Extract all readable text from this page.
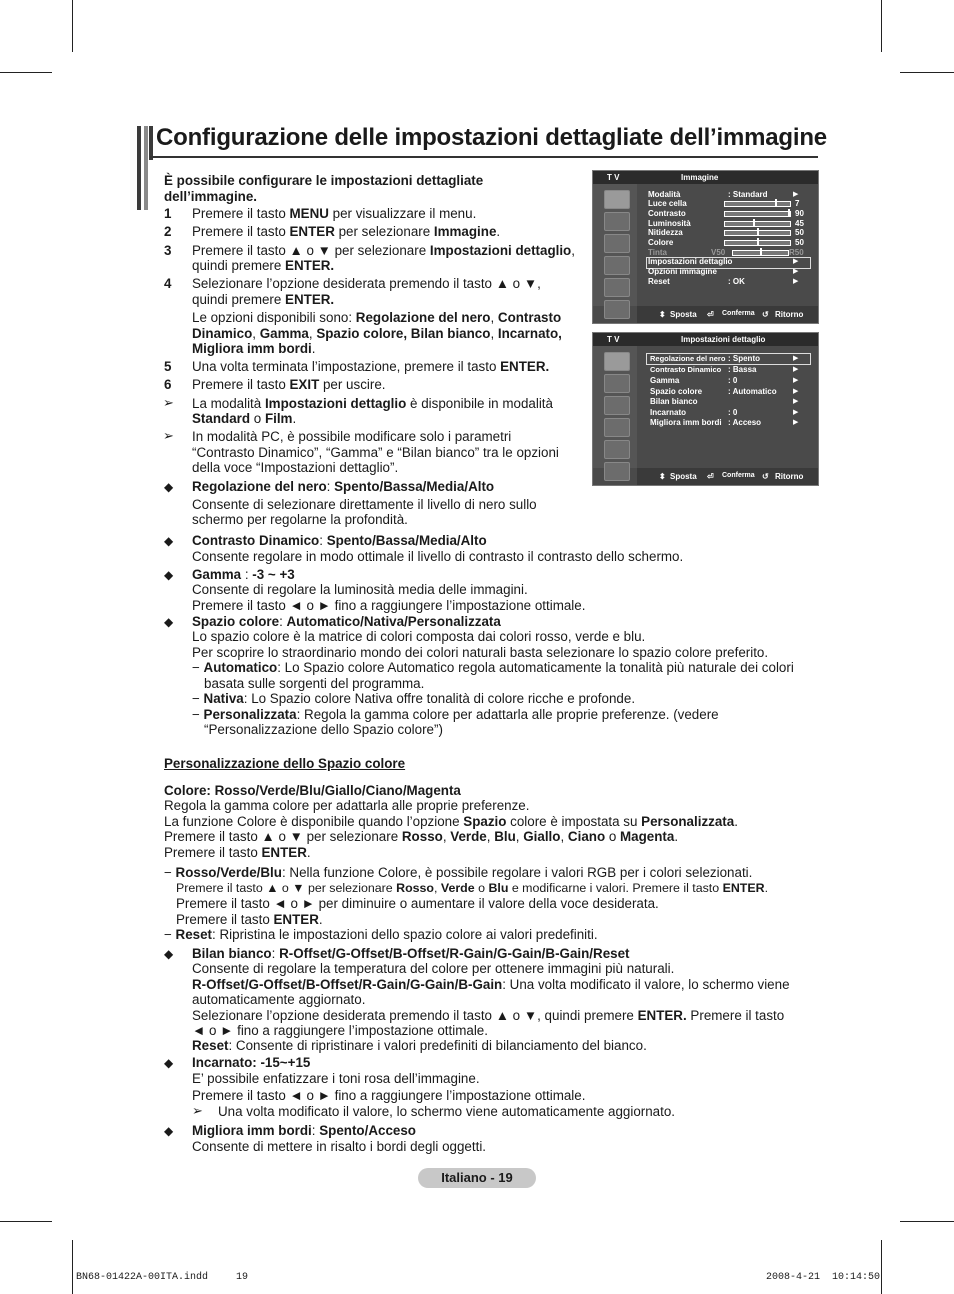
Configurazione delle impostazioni dettagliate dell’immagine
È possibile configurare le impostazioni dettagliate
dell’immagine.
1 Premere il tasto MENU per visualizzare il menu.
2 Premere il tasto ENTER per selezionare Immagine.
3 Premere il tasto ▲ o ▼ per selezionare Impostazioni dettaglio,
quindi premere ENTER.
4 Selezionare l’opzione desiderata premendo il tasto ▲ o ▼,
quindi premere ENTER.
Le opzioni disponibili sono: Regolazione del nero, Contrasto
Dinamico, Gamma, Spazio colore, Bilan bianco, Incarnato,
Migliora imm bordi.
5 Una volta terminata l’impostazione, premere il tasto ENTER.
6 Premere il tasto EXIT per uscire.
➢ La modalità Impostazioni dettaglio è disponibile in modalità
Standard o Film.
➢ In modalità PC, è possibile modificare solo i parametri
“Contrasto Dinamico”, “Gamma” e “Bilan bianco” tra le opzioni
della voce “Impostazioni dettaglio”.
◆ Regolazione del nero: Spento/Bassa/Media/Alto
Consente di selezionare direttamente il livello di nero sullo
schermo per regolarne la profondità.
◆ Contrasto Dinamico: Spento/Bassa/Media/Alto
Consente regolare in modo ottimale il livello di contrasto il contrasto dello schermo.
◆ Gamma : -3 ~ +3
Consente di regolare la luminosità media delle immagini.
Premere il tasto ◄ o ► fino a raggiungere l’impostazione ottimale.
◆ Spazio colore: Automatico/Nativa/Personalizzata
Lo spazio colore è la matrice di colori composta dai colori rosso, verde e blu.
Per scoprire lo straordinario mondo dei colori naturali basta selezionare lo spazio colore preferito.
− Automatico: Lo Spazio colore Automatico regola automaticamente la tonalità più naturale dei colori
basata sulle sorgenti del programma.
− Nativa: Lo Spazio colore Nativa offre tonalità di colore ricche e profonde.
− Personalizzata: Regola la gamma colore per adattarla alle proprie preferenze. (vedere
“Personalizzazione dello Spazio colore”)
Personalizzazione dello Spazio colore
Colore: Rosso/Verde/Blu/Giallo/Ciano/Magenta
Regola la gamma colore per adattarla alle proprie preferenze.
La funzione Colore è disponibile quando l’opzione Spazio colore è impostata su Personalizzata.
Premere il tasto ▲ o ▼ per selezionare Rosso, Verde, Blu, Giallo, Ciano o Magenta.
Premere il tasto ENTER.
− Rosso/Verde/Blu: Nella funzione Colore, è possibile regolare i valori RGB per i colori selezionati.
Premere il tasto ▲ o ▼ per selezionare Rosso, Verde o Blu e modificarne i valori. Premere il tasto ENTER.
Premere il tasto ◄ o ► per diminuire o aumentare il valore della voce desiderata.
Premere il tasto ENTER.
− Reset: Ripristina le impostazioni dello spazio colore ai valori predefiniti.
◆ Bilan bianco: R-Offset/G-Offset/B-Offset/R-Gain/G-Gain/B-Gain/Reset
Consente di regolare la temperatura del colore per ottenere immagini più naturali.
R-Offset/G-Offset/B-Offset/R-Gain/G-Gain/B-Gain: Una volta modificato il valore, lo schermo viene
automaticamente aggiornato.
Selezionare l’opzione desiderata premendo il tasto ▲ o ▼, quindi premere ENTER. Premere il tasto
◄ o ► fino a raggiungere l’impostazione ottimale.
Reset: Consente di ripristinare i valori predefiniti di bilanciamento del bianco.
◆ Incarnato: -15~+15
E’ possibile enfatizzare i toni rosa dell’immagine.
Premere il tasto ◄ o ► fino a raggiungere l’impostazione ottimale.
➢ Una volta modificato il valore, lo schermo viene automaticamente aggiornato.
◆ Migliora imm bordi: Spento/Acceso
Consente di mettere in risalto i bordi degli oggetti.
T V	Immagine
Modalità	: Standard	▶
Luce cella	7
Contrasto	90
Luminosità	45
Nitidezza	50
Colore	50
Tinta	V50	R50
Impostazioni dettaglio	▶
Opzioni immagine	▶
Reset	: OK	▶
⬍ Sposta ⏎ Conferma ↺ Ritorno
T V	Impostazioni dettaglio
Regolazione del nero : Spento	▶
Contrasto Dinamico : Bassa	▶
Gamma	: 0	▶
Spazio colore	: Automatico ▶
Bilan bianco	▶
Incarnato	: 0	▶
Migliora imm bordi : Acceso	▶
⬍ Sposta ⏎ Conferma ↺ Ritorno
Italiano - 19
BN68-01422A-00ITA.indd	19	2008-4-21 10:14:50
